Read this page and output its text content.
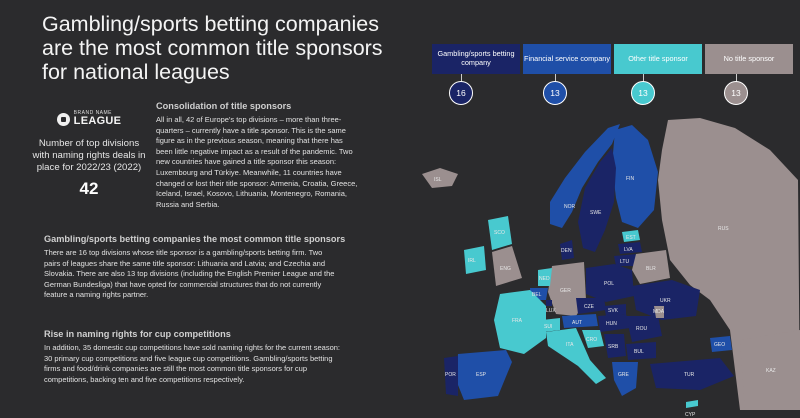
Gambling/sports betting companies
are the most common title sponsors
for national leagues
BRAND NAME
LEAGUE
Number of top divisions with naming rights deals in place for 2022/23 (2022)
42
Consolidation of title sponsors
All in all, 42 of Europe's top divisions – more than three-
quarters – currently have a title sponsor. This is the same
figure as in the previous season, meaning that there has
been little negative impact as a result of the pandemic. Two
new countries have gained a title sponsor this season:
Luxembourg and Türkiye. Meanwhile, 11 countries have
changed or lost their title sponsor: Armenia, Croatia, Greece,
Iceland, Israel, Kosovo, Lithuania, Montenegro, Romania,
Russia and Serbia.
Gambling/sports betting companies the most common title sponsors
There are 16 top divisions whose title sponsor is a gambling/sports betting firm. Two
pairs of leagues share the same title sponsor: Lithuania and Latvia; and Czechia and
Slovakia. There are also 13 top divisions (including the English Premier League and the
German Bundesliga) that have opted for commercial structures that do not currently
feature a naming rights partner.
Rise in naming rights for cup competitions
In addition, 35 domestic cup competitions have sold naming rights for the current season:
30 primary cup competitions and five league cup competitions. Gambling/sports betting
firms and food/drink companies are still the most common title sponsors for cup
competitions, backing ten and five competitions respectively.
Gambling/sports betting company	Financial service company	Other title sponsor	No title sponsor
16	13	13	13
FIN
SWE
NOR
ISL
EST
LVA
LTU
BLR
UKR
RUS
POL
GER
DEN
NED
BEL
LUX
ENG
SCO
IRL
FRA
ESP
POR
ITA
SUI
AUT
CZE
SVK
HUN
ROU
MDA
CRO
SRB
BUL
GRE	TUR
GEO
CYP
KAZ
